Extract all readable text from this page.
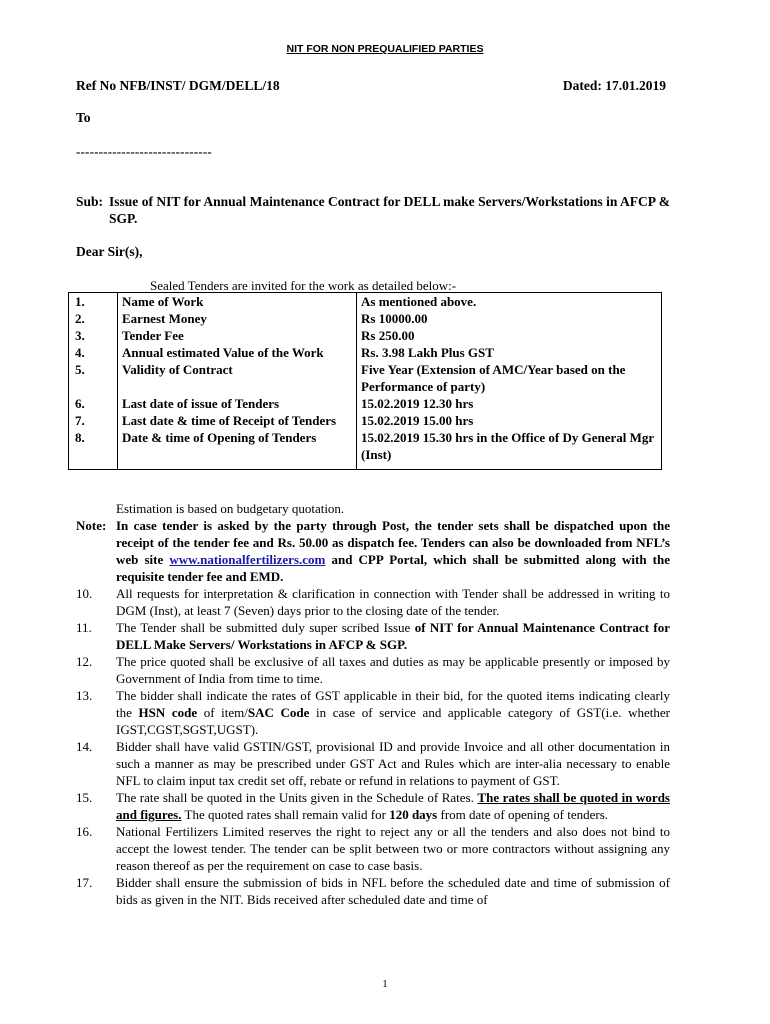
NIT FOR NON PREQUALIFIED PARTIES
Ref No NFB/INST/ DGM/DELL/18	Dated: 17.01.2019
To
------------------------------
Sub: Issue of NIT for Annual Maintenance Contract for DELL make Servers/Workstations in AFCP & SGP.
Dear Sir(s),
Sealed Tenders are invited for the work as detailed below:-
1.	Name of Work	As mentioned above.
2.	Earnest Money	Rs 10000.00
3.	Tender Fee	Rs 250.00
4.	Annual estimated Value of the Work	Rs. 3.98 Lakh Plus GST
5.	Validity of Contract	Five Year (Extension of AMC/Year based on the Performance of party)
6.	Last date of issue of Tenders	15.02.2019 12.30 hrs
7.	Last date & time of Receipt of Tenders	15.02.2019 15.00 hrs
8.	Date & time of Opening of Tenders	15.02.2019 15.30 hrs in the Office of Dy General Mgr (Inst)
Estimation is based on budgetary quotation.
Note: In case tender is asked by the party through Post, the tender sets shall be dispatched upon the receipt of the tender fee and Rs. 50.00 as dispatch fee. Tenders can also be downloaded from NFL’s web site www.nationalfertilizers.com and CPP Portal, which shall be submitted along with the requisite tender fee and EMD.
10.	All requests for interpretation & clarification in connection with Tender shall be addressed in writing to DGM (Inst), at least 7 (Seven) days prior to the closing date of the tender.
11.	The Tender shall be submitted duly super scribed Issue of NIT for Annual Maintenance Contract for DELL Make Servers/ Workstations in AFCP & SGP.
12.	The price quoted shall be exclusive of all taxes and duties as may be applicable presently or imposed by Government of India from time to time.
13.	The bidder shall indicate the rates of GST applicable in their bid, for the quoted items indicating clearly the HSN code of item/SAC Code in case of service and applicable category of GST(i.e. whether IGST,CGST,SGST,UGST).
14.	Bidder shall have valid GSTIN/GST, provisional ID and provide Invoice and all other documentation in such a manner as may be prescribed under GST Act and Rules which are inter-alia necessary to enable NFL to claim input tax credit set off, rebate or refund in relations to payment of GST.
15.	The rate shall be quoted in the Units given in the Schedule of Rates. The rates shall be quoted in words and figures. The quoted rates shall remain valid for 120 days from date of opening of tenders.
16.	National Fertilizers Limited reserves the right to reject any or all the tenders and also does not bind to accept the lowest tender. The tender can be split between two or more contractors without assigning any reason thereof as per the requirement on case to case basis.
17.	Bidder shall ensure the submission of bids in NFL before the scheduled date and time of submission of bids as given in the NIT. Bids received after scheduled date and time of
1
